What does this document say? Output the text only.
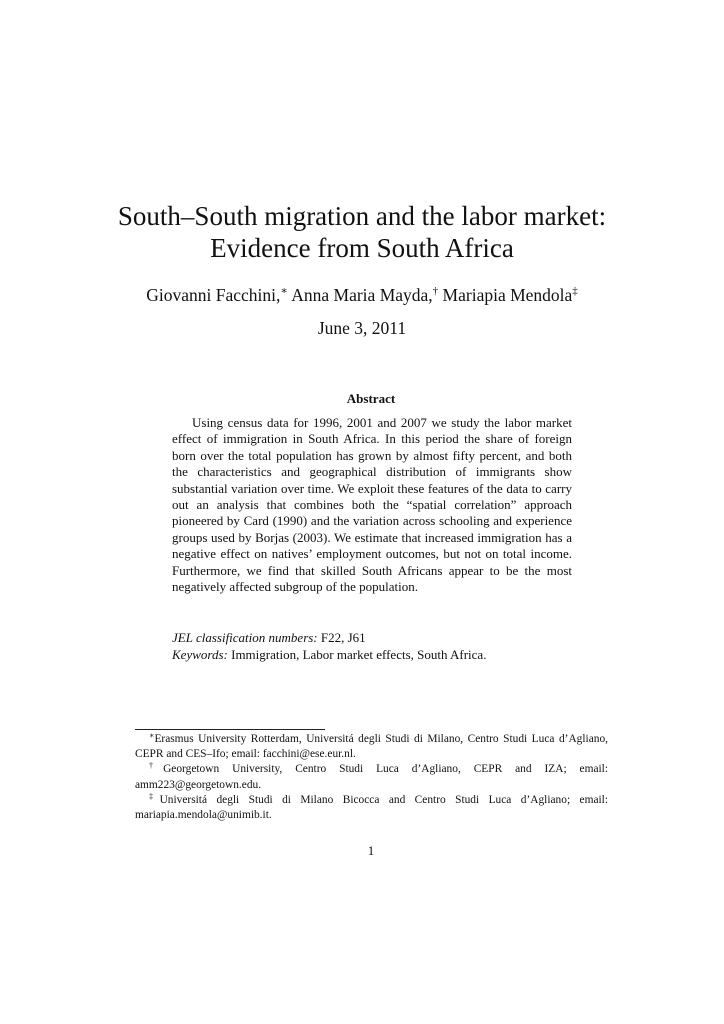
South–South migration and the labor market:
Evidence from South Africa
Giovanni Facchini,∗ Anna Maria Mayda,† Mariapia Mendola‡
June 3, 2011
Abstract

Using census data for 1996, 2001 and 2007 we study the labor market effect of immigration in South Africa. In this period the share of foreign born over the total population has grown by almost fifty percent, and both the characteristics and geographical distribution of immigrants show substantial variation over time. We exploit these features of the data to carry out an analysis that combines both the “spatial correlation” approach pioneered by Card (1990) and the variation across schooling and experience groups used by Borjas (2003). We estimate that increased immigration has a negative effect on natives’ employment outcomes, but not on total income. Furthermore, we find that skilled South Africans appear to be the most negatively affected subgroup of the population.

JEL classification numbers: F22, J61
Keywords: Immigration, Labor market effects, South Africa.

∗Erasmus University Rotterdam, Universitá degli Studi di Milano, Centro Studi Luca d’Agliano, CEPR and CES–Ifo; email: facchini@ese.eur.nl.

†Georgetown University, Centro Studi Luca d’Agliano, CEPR and IZA; email: amm223@georgetown.edu.

‡Universitá degli Studi di Milano Bicocca and Centro Studi Luca d’Agliano; email: mariapia.mendola@unimib.it.

1
